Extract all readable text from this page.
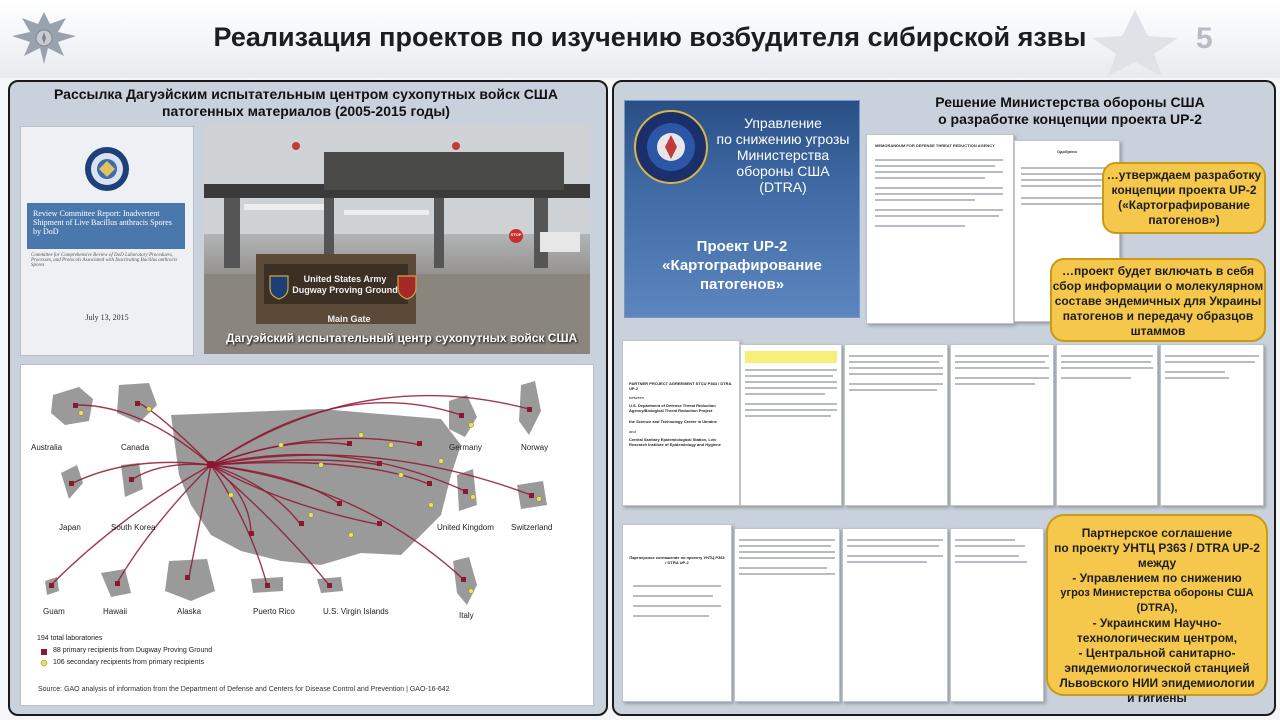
Реализация проектов по изучению возбудителя сибирской язвы	5
Рассылка Дагуэйским испытательным центром сухопутных войск США
патогенных материалов (2005-2015 годы)
Review Committee Report: Inadvertent Shipment of Live Bacillus anthracis Spores by DoD
Committee for Comprehensive Review of DoD Laboratory Procedures, Processes, and Protocols Associated with Inactivating Bacillus anthracis Spores
July 13, 2015
United States Army
Dugway Proving Ground
Main Gate
STOP
Дагуэйский испытательный центр сухопутных войск США
Australia	Canada	Germany	Norway
Japan	South Korea	United Kingdom Switzerland
Guam	Hawaii	Alaska	Puerto Rico	U.S. Virgin Islands	Italy
194 total laboratories
88 primary recipients from Dugway Proving Ground
106 secondary recipients from primary recipients
Source: GAO analysis of information from the Department of Defense and Centers for Disease Control and Prevention | GAO-16-642
Управление
по снижению угрозы
Министерства
обороны США
(DTRA)
Проект UP-2
«Картографирование
патогенов»
Решение Министерства обороны США
о разработке концепции проекта UP-2
MEMORANDUM FOR DEFENSE THREAT REDUCTION AGENCY
Одобрено
…утверждаем разработку
концепции проекта UP-2
(«Картографирование
патогенов»)
…проект будет включать в себя
сбор информации о молекулярном
составе эндемичных для Украины
патогенов и передачу образцов
штаммов
PARTNER PROJECT AGREEMENT STCU P363 / DTRA UP-2
between
U.S. Department of Defense Threat Reduction Agency/Biological Threat Reduction Project
the Science and Technology Center in Ukraine
and
Central Sanitary Epidemiological Station, Lviv Research Institute of Epidemiology and Hygiene
Партнерское соглашение по проекту УНТЦ Р363 / DTRA UP-2
Партнерское соглашение
по проекту УНТЦ Р363 / DTRA UP-2
между
- Управлением по снижению
угроз Министерства обороны США (DTRA),
- Украинским Научно-
технологическим центром,
- Центральной санитарно-
эпидемиологической станцией
Львовского НИИ эпидемиологии
и гигиены
